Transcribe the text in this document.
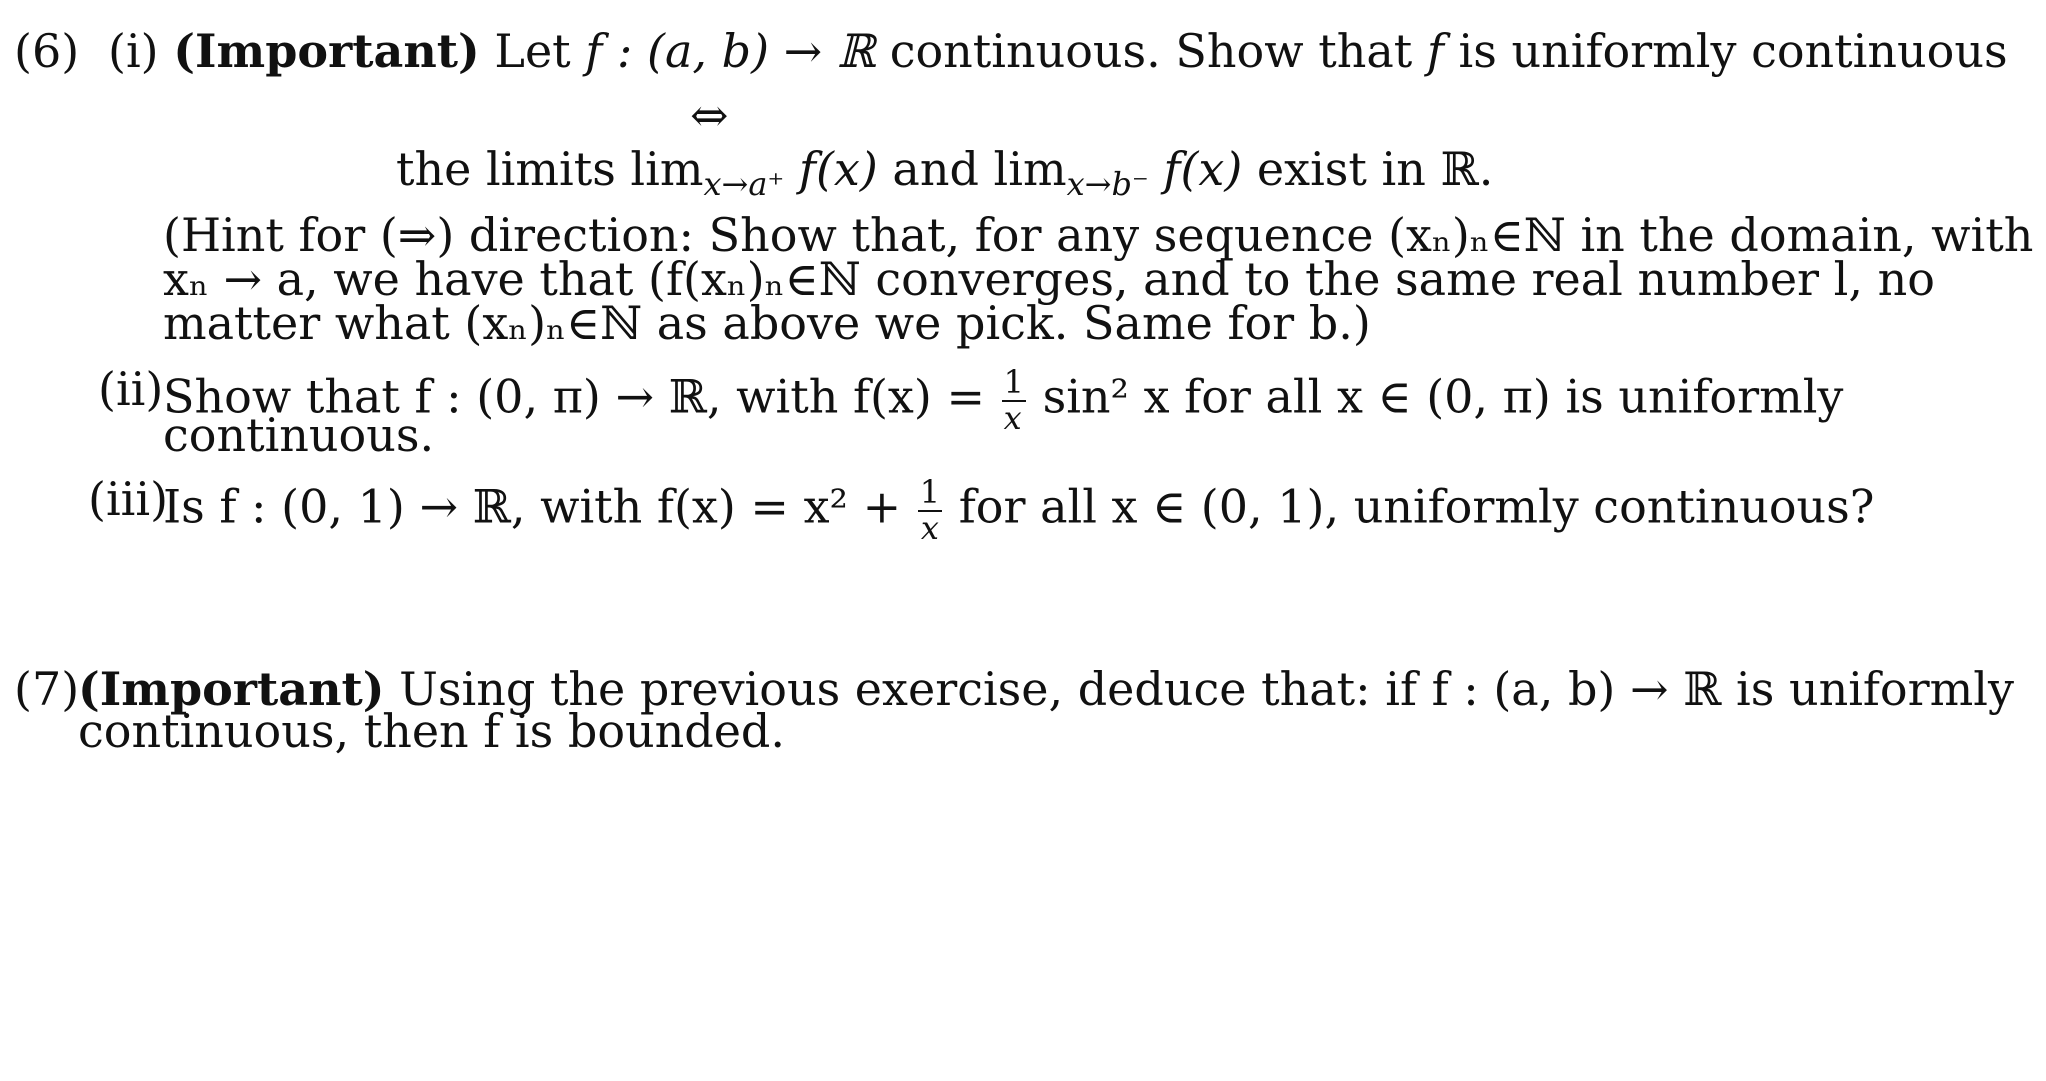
(6) (i) (Important) Let f : (a, b) → ℝ continuous. Show that f is uniformly continuous
⇔
the limits $\lim_{x\to a^+} f(x)$ and $\lim_{x\to b^-} f(x)$ exist in ℝ.
(Hint for (⇒) direction: Show that, for any sequence (xₙ)ₙ∈ℕ in the domain, with
xₙ → a, we have that (f(xₙ)ₙ∈ℕ converges, and to the same real number l, no
matter what (xₙ)ₙ∈ℕ as above we pick. Same for b.)
(ii) Show that f : (0, π) → ℝ, with $f(x) = \frac{1}{x} \sin^2$ x for all x ∈ (0, π) is uniformly
continuous.
(iii)
Is f : (0, 1) → ℝ, with $f(x) = x^2 + \frac{1}{x}$ for all x ∈ (0, 1), uniformly continuous?
(7)
(Important) Using the previous exercise, deduce that: if f : (a, b) → ℝ is uniformly
continuous, then f is bounded.
